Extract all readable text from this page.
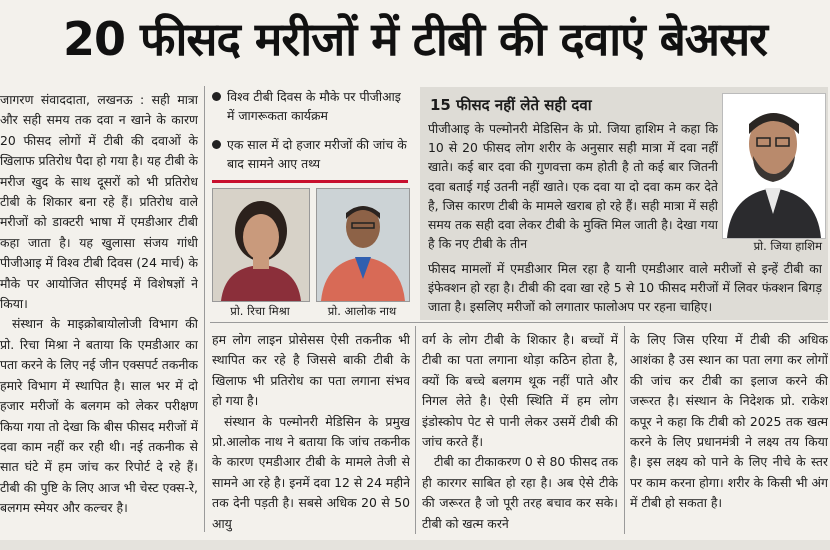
20 फीसद मरीजों में टीबी की दवाएं बेअसर

जागरण संवाददाता, लखनऊ : सही मात्रा और सही समय तक दवा न खाने के कारण 20 फीसद लोगों में टीबी की दवाओं के खिलाफ प्रतिरोध पैदा हो गया है। यह टीबी के मरीज खुद के साथ दूसरों को भी प्रतिरोध टीबी के शिकार बना रहे हैं। प्रतिरोध वाले मरीजों को डाक्टरी भाषा में एमडीआर टीबी कहा जाता है। यह खुलासा संजय गांधी पीजीआइ में विश्व टीबी दिवस (24 मार्च) के मौके पर आयोजित सीएमई में विशेषज्ञों ने किया।

संस्थान के माइक्रोबायोलोजी विभाग की प्रो. रिचा मिश्रा ने बताया कि एमडीआर का पता करने के लिए नई जीन एक्सपर्ट तकनीक हमारे विभाग में स्थापित है। साल भर में दो हजार मरीजों के बलगम को लेकर परीक्षण किया गया तो देखा कि बीस फीसद मरीजों में दवा काम नहीं कर रही थी। नई तकनीक से सात घंटे में हम जांच कर रिपोर्ट दे रहे हैं। टीबी की पुष्टि के लिए आज भी चेस्ट एक्स-रे, बलगम स्मेयर और कल्चर है।

विश्व टीबी दिवस के मौके पर पीजीआइ में जागरूकता कार्यक्रम
एक साल में दो हजार मरीजों की जांच के बाद सामने आए तथ्य
प्रो. रिचा मिश्रा	प्रो. आलोक नाथ

हम लोग लाइन प्रोसेसस ऐसी तकनीक भी स्थापित कर रहे है जिससे बाकी टीबी के खिलाफ भी प्रतिरोध का पता लगाना संभव हो गया है।

संस्थान के पल्मोनरी मेडिसिन के प्रमुख प्रो.आलोक नाथ ने बताया कि जांच तकनीक के कारण एमडीआर टीबी के मामले तेजी से सामने आ रहे है। इनमें दवा 12 से 24 महीने तक देनी पड़ती है। सबसे अधिक 20 से 50 आयु

वर्ग के लोग टीबी के शिकार है। बच्चों में टीबी का पता लगाना थोड़ा कठिन होता है, क्यों कि बच्चे बलगम थूक नहीं पाते और निगल लेते है। ऐसी स्थिति में हम लोग इंडोस्कोप पेट से पानी लेकर उसमें टीबी की जांच करते हैं।

टीबी का टीकाकरण 0 से 80 फीसद तक ही कारगर साबित हो रहा है। अब ऐसे टीके की जरूरत है जो पूरी तरह बचाव कर सके। टीबी को खत्म करने

के लिए जिस एरिया में टीबी की अधिक आशंका है उस स्थान का पता लगा कर लोगों की जांच कर टीबी का इलाज करने की जरूरत है। संस्थान के निदेशक प्रो. राकेश कपूर ने कहा कि टीबी को 2025 तक खत्म करने के लिए प्रधानमंत्री ने लक्ष्य तय किया है। इस लक्ष्य को पाने के लिए नीचे के स्तर पर काम करना होगा। शरीर के किसी भी अंग में टीबी हो सकता है।

15 फीसद नहीं लेते सही दवा
प्रो. जिया हाशिम
पीजीआइ के पल्मोनरी मेडिसिन के प्रो. जिया हाशिम ने कहा कि 10 से 20 फीसद लोग शरीर के अनुसार सही मात्रा में दवा नहीं खाते। कई बार दवा की गुणवत्ता कम होती है तो कई बार जितनी दवा बताई गई उतनी नहीं खाते। एक दवा या दो दवा कम कर देते है, जिस कारण टीबी के मामले खराब हो रहे हैं। सही मात्रा में सही समय तक सही दवा लेकर टीबी के मुक्ति मिल जाती है। देखा गया है कि नए टीबी के तीन
फीसद मामलों में एमडीआर मिल रहा है यानी एमडीआर वाले मरीजों से इन्हें टीबी का इंफेक्शन हो रहा है। टीबी की दवा खा रहे 5 से 10 फीसद मरीजों में लिवर फंक्शन बिगड़ जाता है। इसलिए मरीजों को लगातार फालोअप पर रहना चाहिए।
